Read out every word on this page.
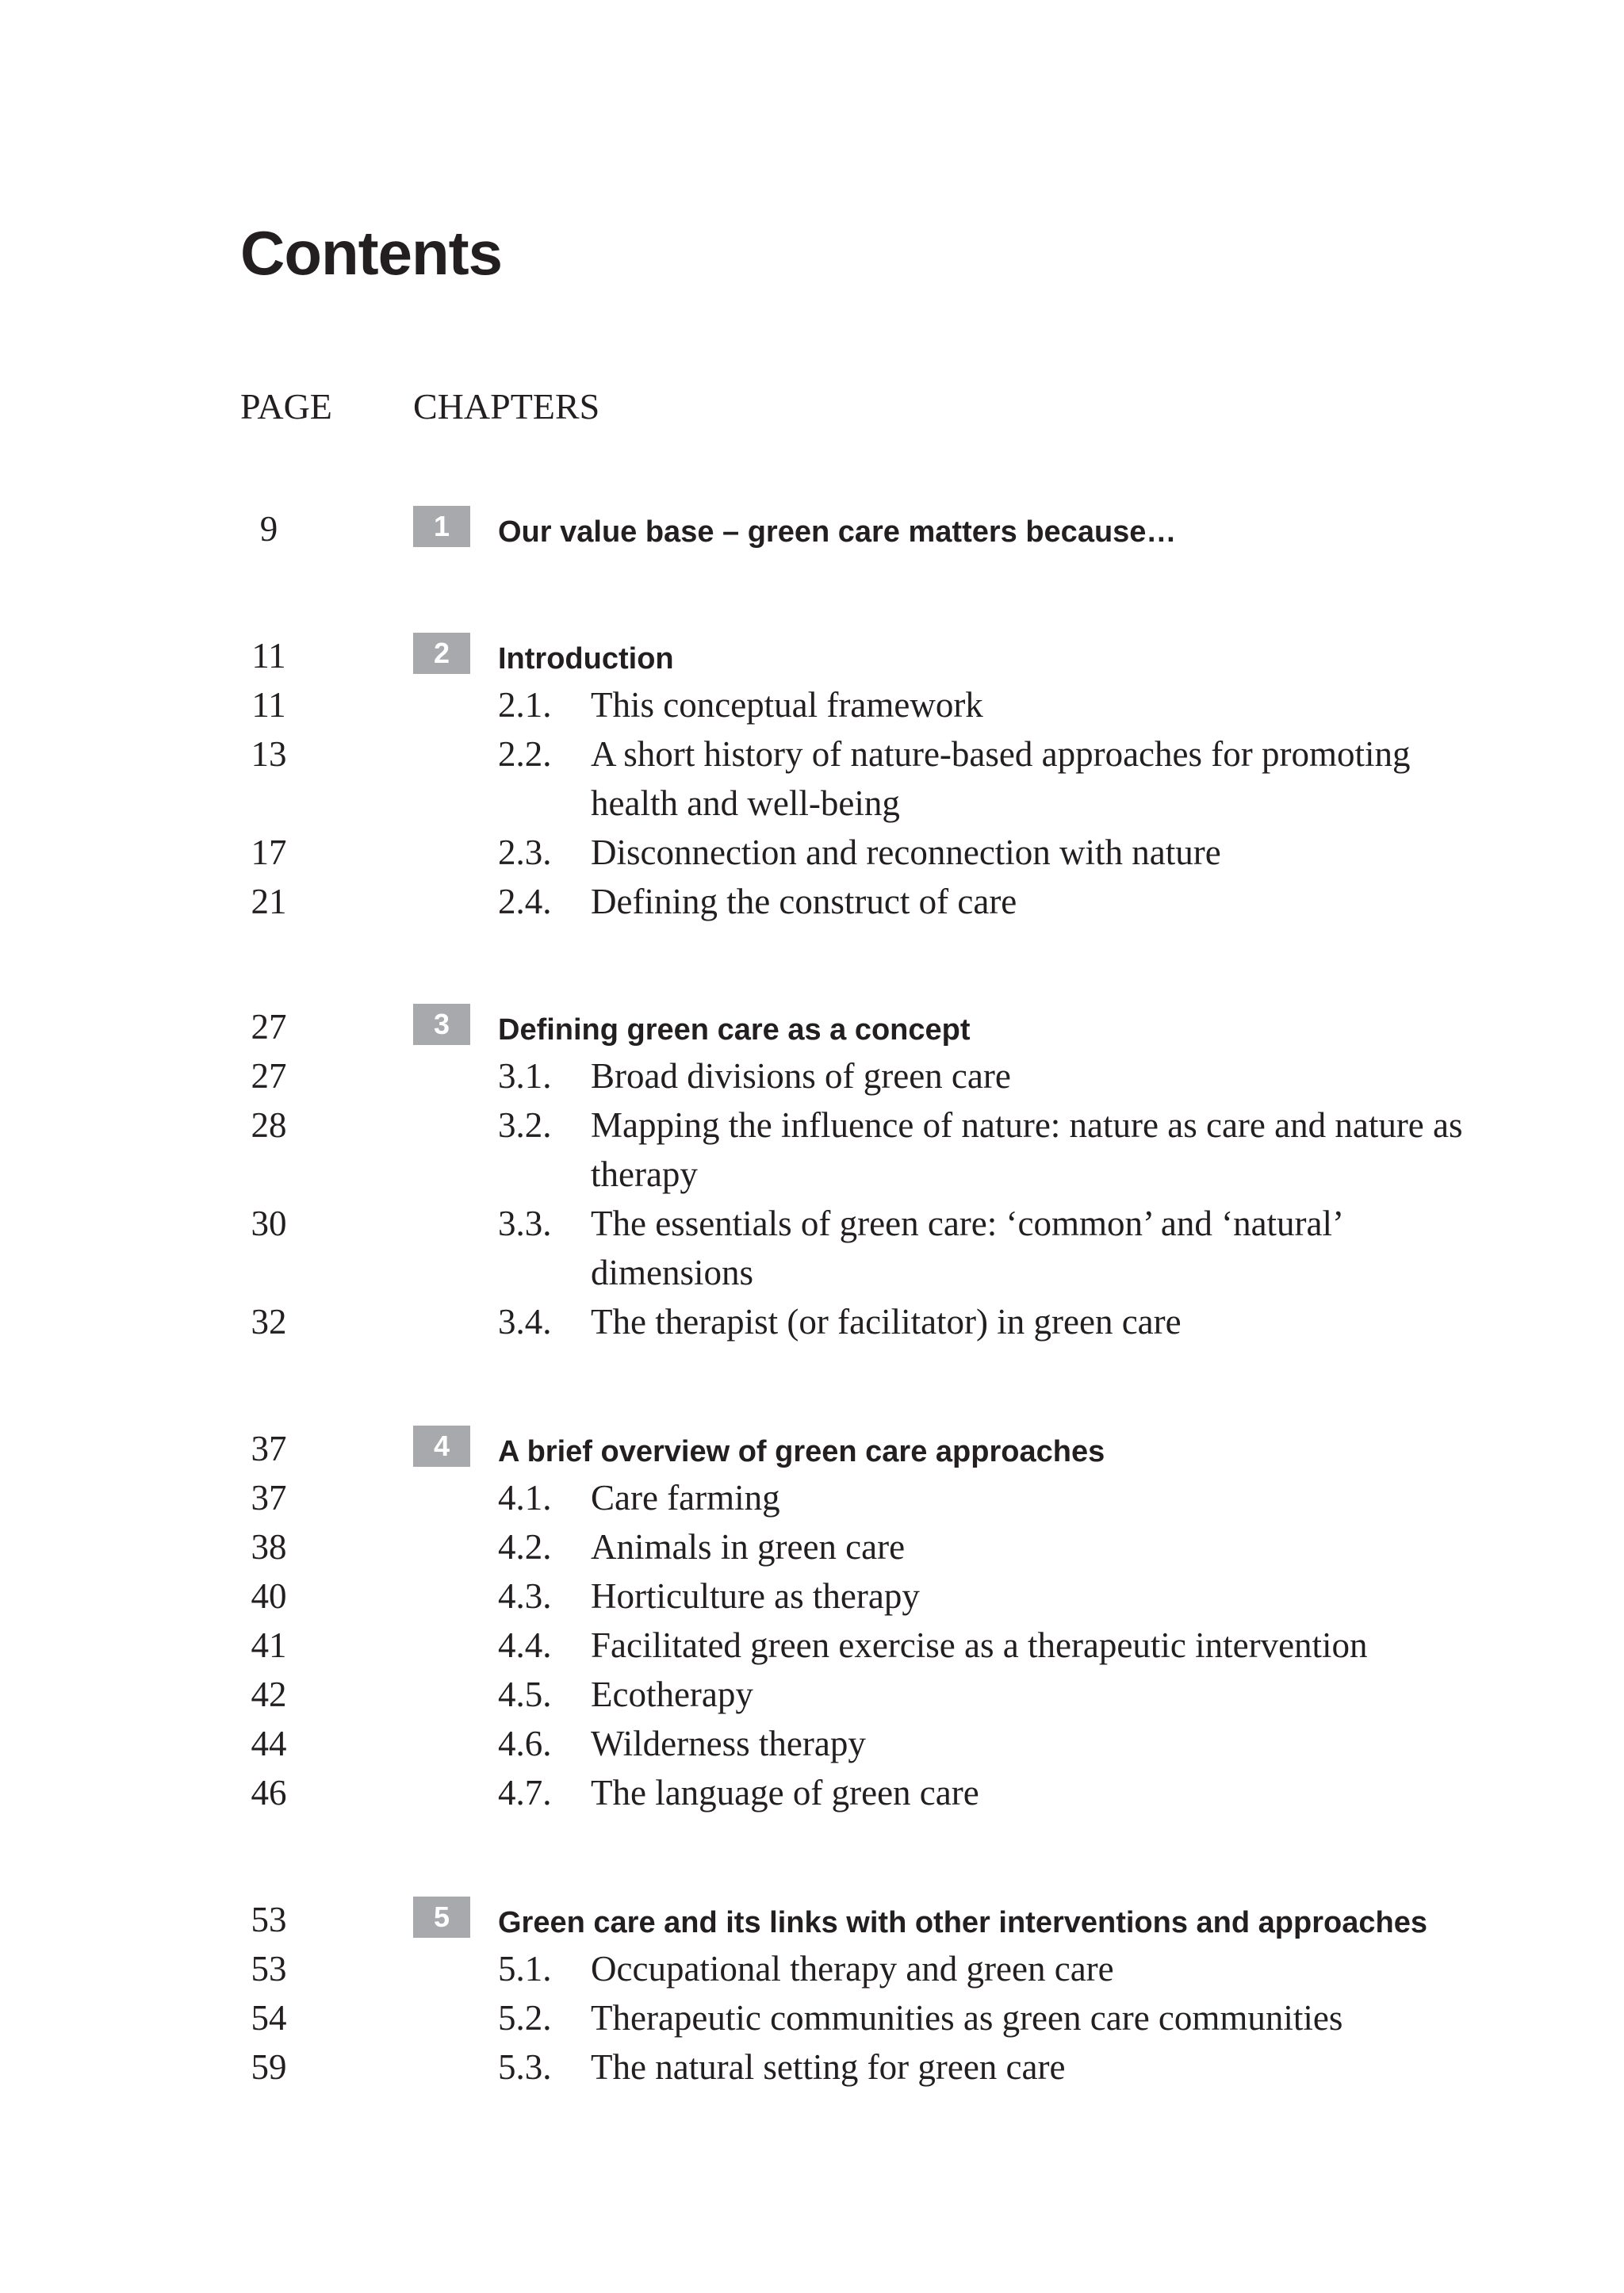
Contents
PAGE CHAPTERS
9	1	Our value base – green care matters because…
11	2	Introduction
11	2.1. This conceptual framework
13	2.2. A short history of nature-based approaches for promoting health and well-being
17	2.3. Disconnection and reconnection with nature
21	2.4. Defining the construct of care
27	3	Defining green care as a concept
27	3.1. Broad divisions of green care
28	3.2. Mapping the influence of nature: nature as care and nature as therapy
30	3.3. The essentials of green care: ‘common’ and ‘natural’ dimensions
32	3.4. The therapist (or facilitator) in green care
37	4	A brief overview of green care approaches
37	4.1. Care farming
38	4.2. Animals in green care
40	4.3. Horticulture as therapy
41	4.4. Facilitated green exercise as a therapeutic intervention
42	4.5. Ecotherapy
44	4.6. Wilderness therapy
46	4.7. The language of green care
53	5	Green care and its links with other interventions and approaches
53	5.1. Occupational therapy and green care
54	5.2. Therapeutic communities as green care communities
59	5.3. The natural setting for green care
